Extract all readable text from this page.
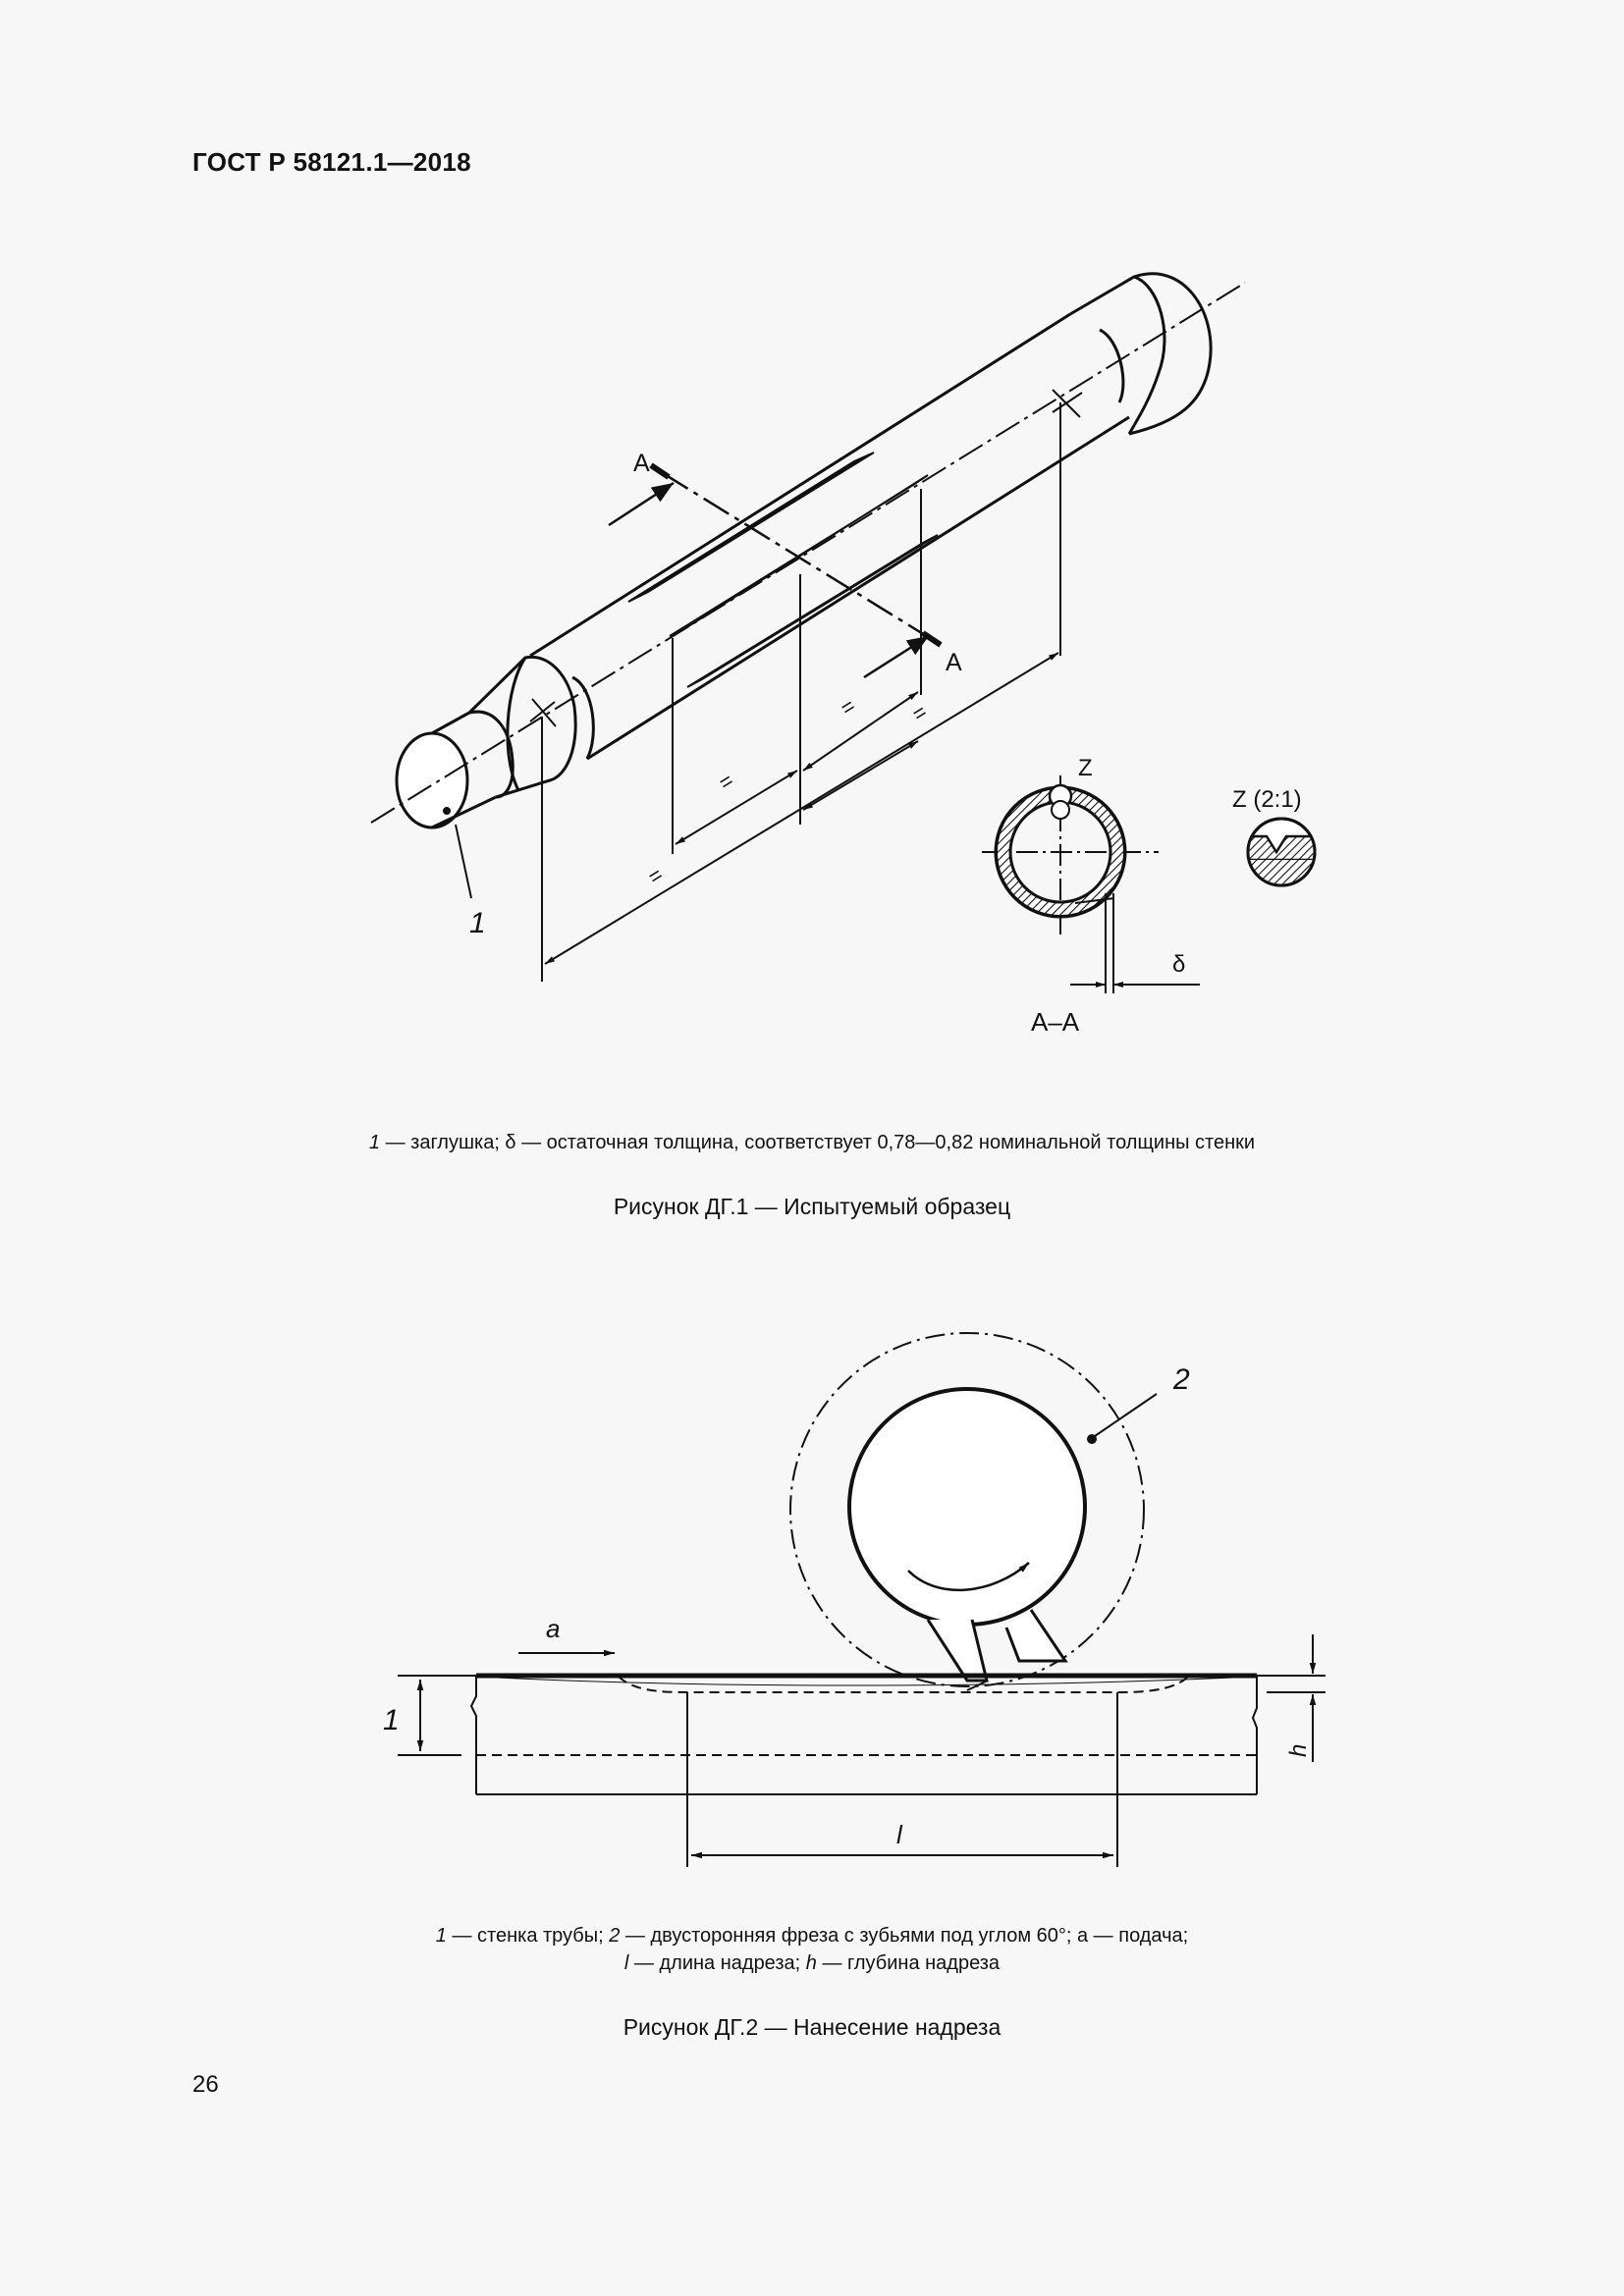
ГОСТ Р 58121.1—2018
А
А
=
=
= =
1
Z
δ
А–А
Z (2:1)
1 — заглушка; δ — остаточная толщина, соответствует 0,78—0,82 номинальной толщины стенки
Рисунок ДГ.1 — Испытуемый образец
2
1
a
h
l
1 — стенка трубы; 2 — двусторонняя фреза с зубьями под углом 60°; а — подача;
l — длина надреза; h — глубина надреза
Рисунок ДГ.2 — Нанесение надреза
26
